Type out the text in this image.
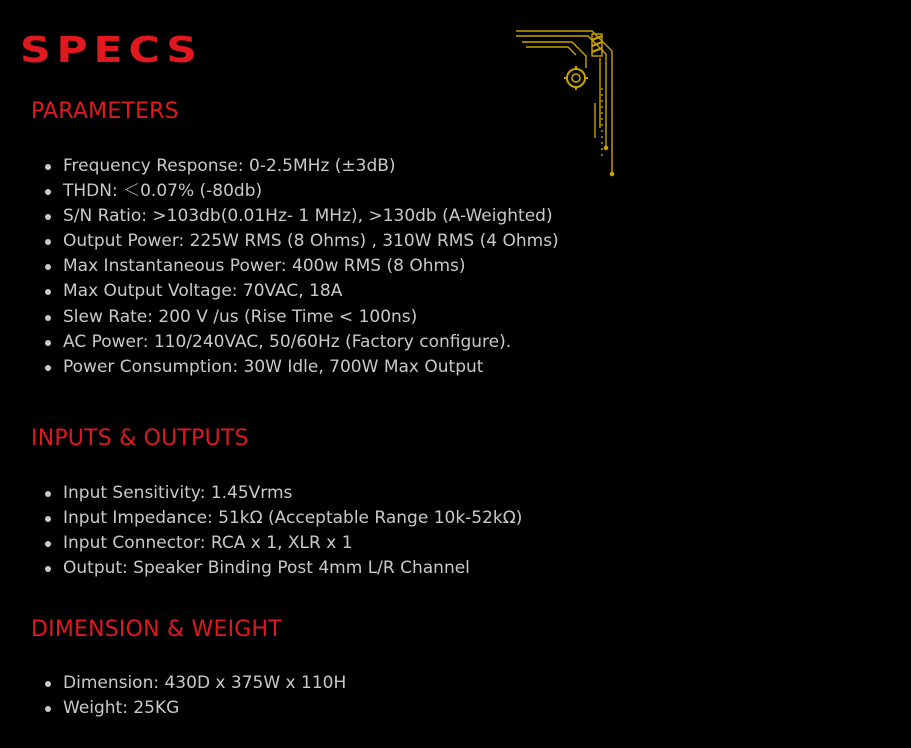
SPECS
PARAMETERS
Frequency Response: 0-2.5MHz (±3dB)
THDN: ＜0.07% (-80db)
S/N Ratio: >103db(0.01Hz- 1 MHz), >130db (A-Weighted)
Output Power: 225W RMS (8 Ohms) , 310W RMS (4 Ohms)
Max Instantaneous Power: 400w RMS (8 Ohms)
Max Output Voltage: 70VAC, 18A
Slew Rate: 200 V /us (Rise Time < 100ns)
AC Power: 110/240VAC, 50/60Hz (Factory configure).
Power Consumption: 30W Idle, 700W Max Output
INPUTS & OUTPUTS
Input Sensitivity: 1.45Vrms
Input Impedance: 51kΩ (Acceptable Range 10k-52kΩ)
Input Connector: RCA x 1, XLR x 1
Output: Speaker Binding Post 4mm L/R Channel
DIMENSION & WEIGHT
Dimension: 430D x 375W x 110H
Weight: 25KG
